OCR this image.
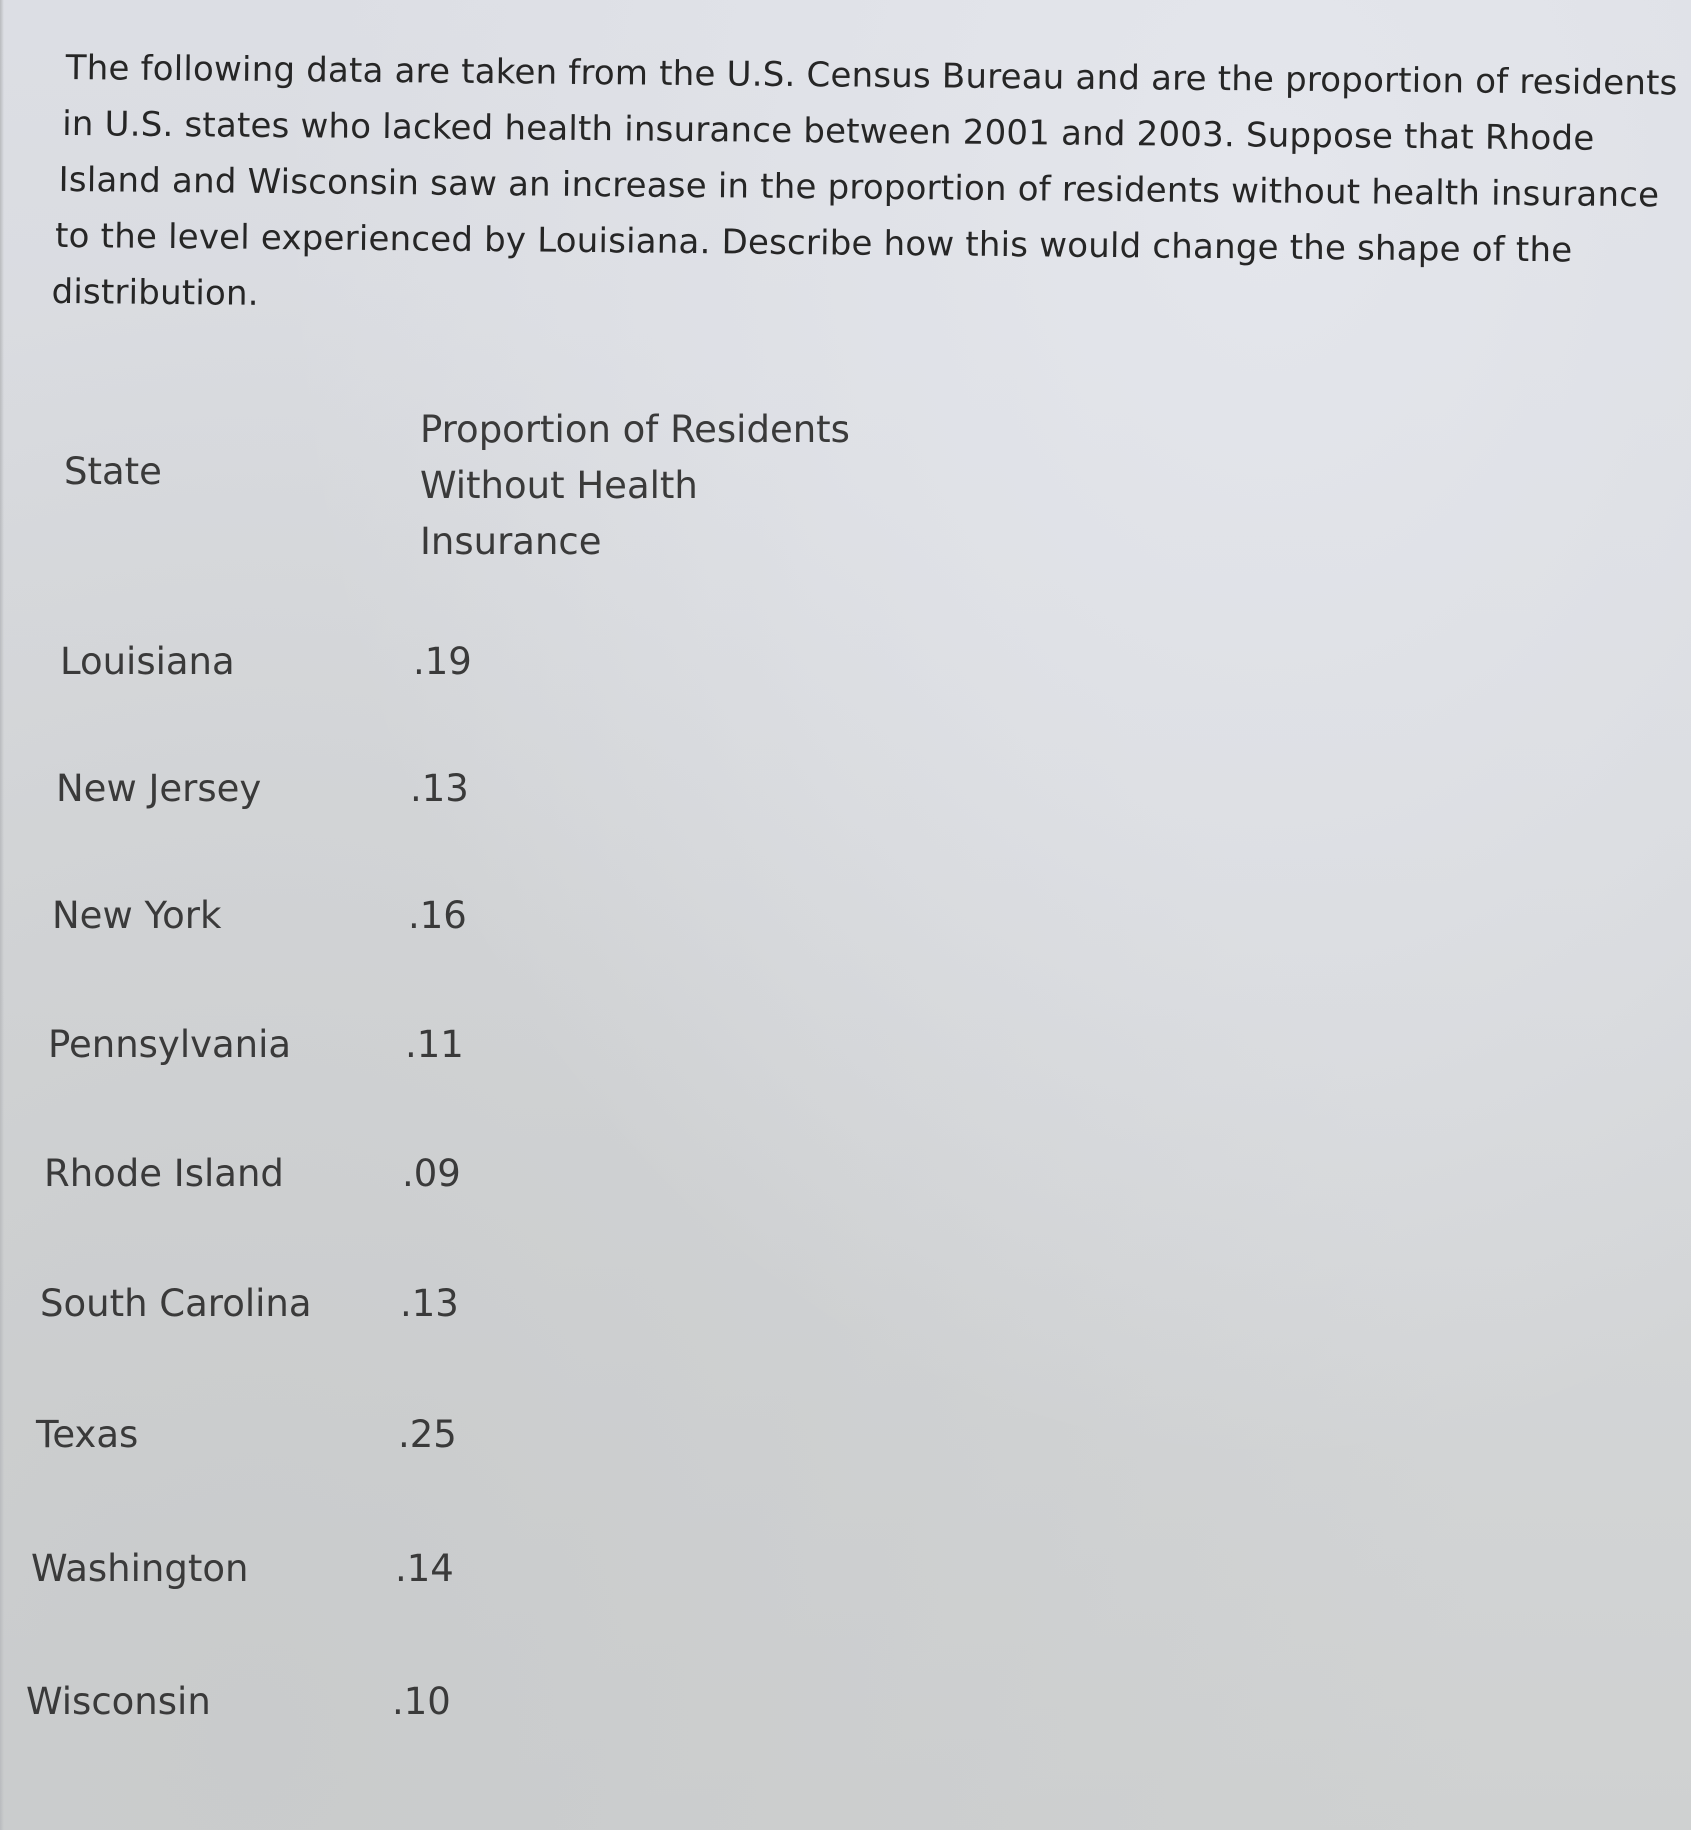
The following data are taken from the U.S. Census Bureau and are the proportion of residents
in U.S. states who lacked health insurance between 2001 and 2003. Suppose that Rhode
Island and Wisconsin saw an increase in the proportion of residents without health insurance
to the level experienced by Louisiana. Describe how this would change the shape of the
distribution.
State
Proportion of Residents
Without Health
Insurance
Louisiana	.19
New Jersey	.13
New York	.16
Pennsylvania	.11
Rhode Island	.09
South Carolina .13
Texas	.25
Washington	.14
Wisconsin	.10
